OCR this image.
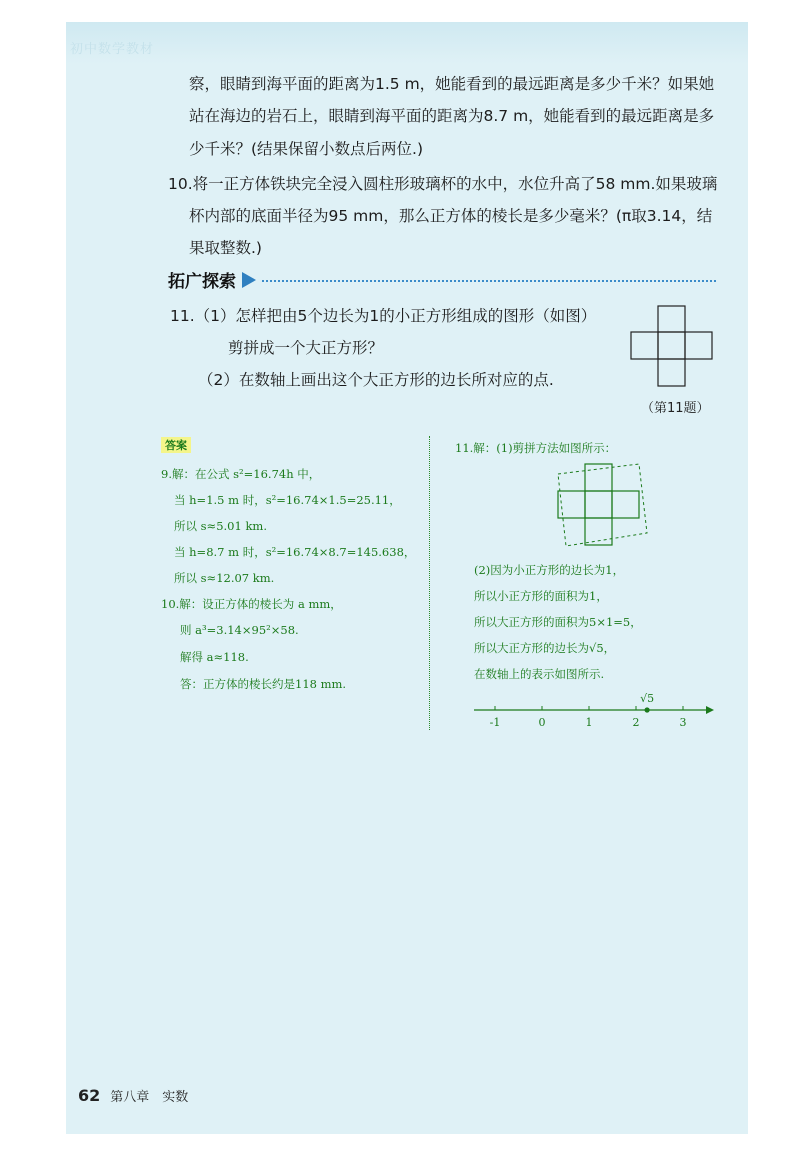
初中数学教材
察，眼睛到海平面的距离为1.5 m，她能看到的最远距离是多少千米？如果她
站在海边的岩石上，眼睛到海平面的距离为8.7 m，她能看到的最远距离是多
少千米？(结果保留小数点后两位.)
10.将一正方体铁块完全浸入圆柱形玻璃杯的水中，水位升高了58 mm.如果玻璃
杯内部的底面半径为95 mm，那么正方体的棱长是多少毫米？(π取3.14，结
果取整数.)
拓广探索
11.（1）怎样把由5个边长为1的小正方形组成的图形（如图）
剪拼成一个大正方形？
（2）在数轴上画出这个大正方形的边长所对应的点.
（第11题）
答案
9.解：在公式 s²=16.74h 中，
当 h=1.5 m 时，s²=16.74×1.5=25.11，
所以 s≈5.01 km.
当 h=8.7 m 时，s²=16.74×8.7=145.638，
所以 s≈12.07 km.
10.解：设正方体的棱长为 a mm，
则 a³=3.14×95²×58.
解得 a≈118.
答：正方体的棱长约是118 mm.
11.解：(1)剪拼方法如图所示：
(2)因为小正方形的边长为1，
所以小正方形的面积为1，
所以大正方形的面积为5×1=5，
所以大正方形的边长为√5，
在数轴上的表示如图所示.
-1	0	1	2	3
√5
62 第八章　实数
